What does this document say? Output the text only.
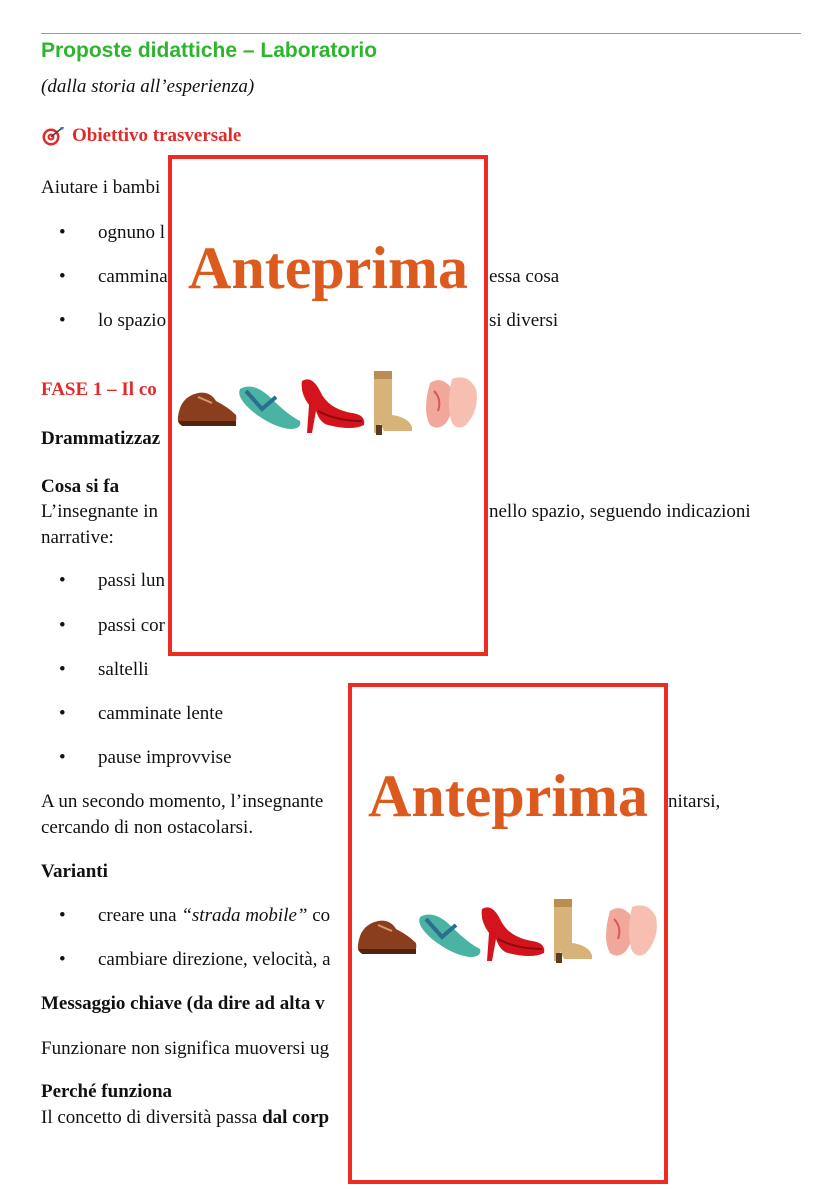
Proposte didattiche – Laboratorio
(dalla storia all’esperienza)
Obiettivo trasversale
Aiutare i bambi
•	ognuno l
•	cammina	essa cosa
•	lo spazio	si diversi
FASE 1 – Il co
Drammatizzaz
Cosa si fa
L’insegnante in	nello spazio, seguendo indicazioni
narrative:
•	passi lun
•	passi cor
•	saltelli
•	camminate lente
•	pause improvvise
A un secondo momento, l’insegnante	nitarsi,
cercando di non ostacolarsi.
Varianti
•	creare una “strada mobile” co
•	cambiare direzione, velocità, a
Messaggio chiave (da dire ad alta v
Funzionare non significa muoversi ug
Perché funziona
Il concetto di diversità passa dal corp
Anteprima
Anteprima
